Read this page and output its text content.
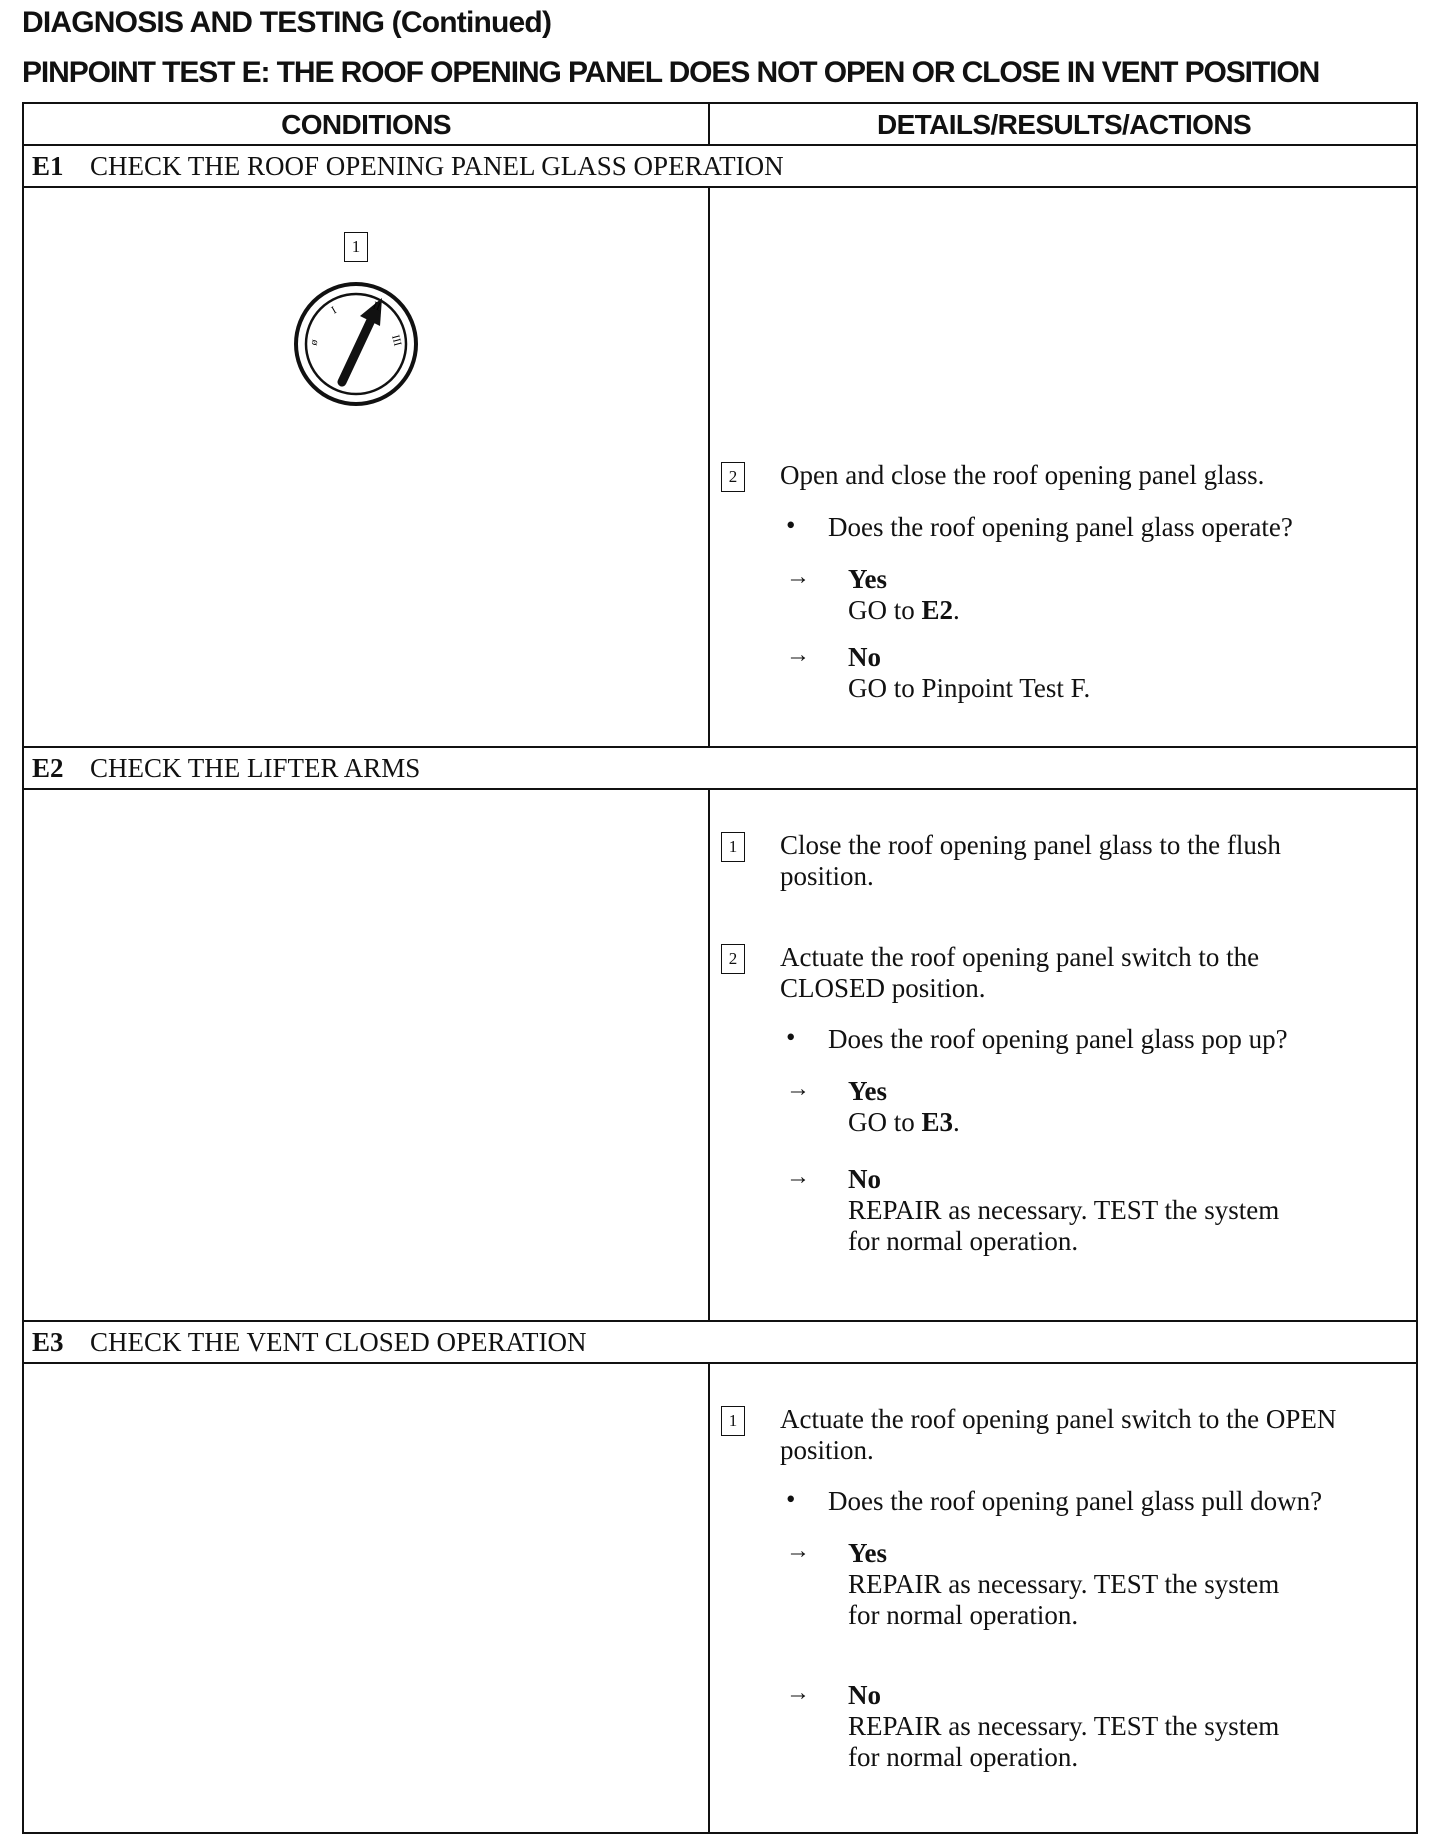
DIAGNOSIS AND TESTING (Continued)
PINPOINT TEST E: THE ROOF OPENING PANEL DOES NOT OPEN OR CLOSE IN VENT POSITION
CONDITIONS	DETAILS/RESULTS/ACTIONS
E1 CHECK THE ROOF OPENING PANEL GLASS OPERATION
1
ø
I	II
III
2 Open and close the roof opening panel glass.
• Does the roof opening panel glass operate?
→ Yes
GO to E2.
→ No
GO to Pinpoint Test F.
E2 CHECK THE LIFTER ARMS
1 Close the roof opening panel glass to the flush
position.
2 Actuate the roof opening panel switch to the
CLOSED position.
• Does the roof opening panel glass pop up?
→ Yes
GO to E3.
→ No
REPAIR as necessary. TEST the system
for normal operation.
E3 CHECK THE VENT CLOSED OPERATION
1 Actuate the roof opening panel switch to the OPEN
position.
• Does the roof opening panel glass pull down?
→ Yes
REPAIR as necessary. TEST the system
for normal operation.
→ No
REPAIR as necessary. TEST the system
for normal operation.
